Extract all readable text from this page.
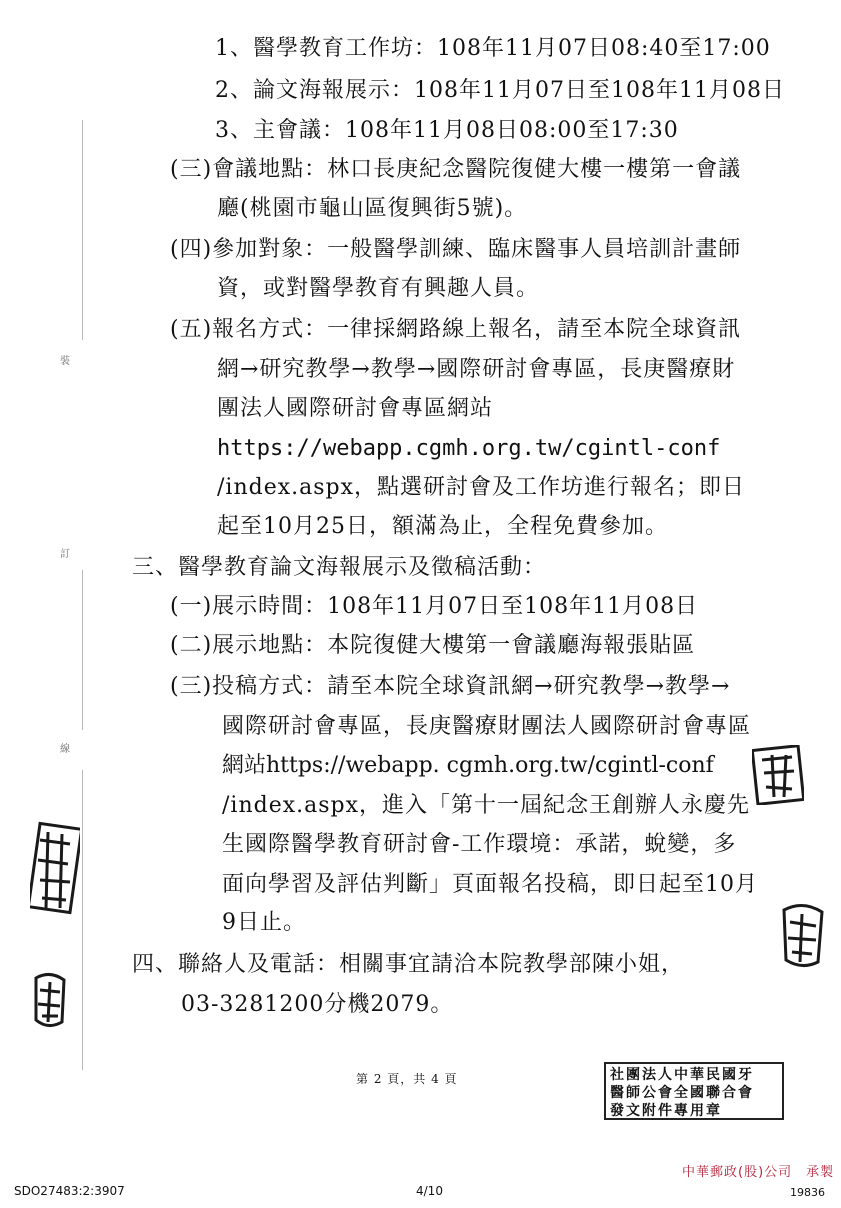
1、醫學教育工作坊：108年11月07日08:40至17:00
2、論文海報展示：108年11月07日至108年11月08日
3、主會議：108年11月08日08:00至17:30
(三)會議地點：林口長庚紀念醫院復健大樓一樓第一會議
廳(桃園市龜山區復興街5號)。
(四)參加對象：一般醫學訓練、臨床醫事人員培訓計畫師
資，或對醫學教育有興趣人員。
(五)報名方式：一律採網路線上報名，請至本院全球資訊
網→研究教學→教學→國際研討會專區，長庚醫療財
團法人國際研討會專區網站
https://webapp.cgmh.org.tw/cgintl-conf
/index.aspx，點選研討會及工作坊進行報名；即日
起至10月25日，額滿為止，全程免費參加。
三、醫學教育論文海報展示及徵稿活動：
(一)展示時間：108年11月07日至108年11月08日
(二)展示地點：本院復健大樓第一會議廳海報張貼區
(三)投稿方式：請至本院全球資訊網→研究教學→教學→
國際研討會專區，長庚醫療財團法人國際研討會專區
網站https://webapp. cgmh.org.tw/cgintl-conf
/index.aspx，進入「第十一屆紀念王創辦人永慶先
生國際醫學教育研討會-工作環境：承諾，蛻變，多
面向學習及評估判斷」頁面報名投稿，即日起至10月
9日止。
四、聯絡人及電話：相關事宜請洽本院教學部陳小姐，
03-3281200分機2079。
裝
訂
線
第 2 頁，共 4 頁	社團法人中華民國牙
醫師公會全國聯合會
發文附件專用章
中華郵政(股)公司　承製
SDO27483:2:3907	4/10	19836
